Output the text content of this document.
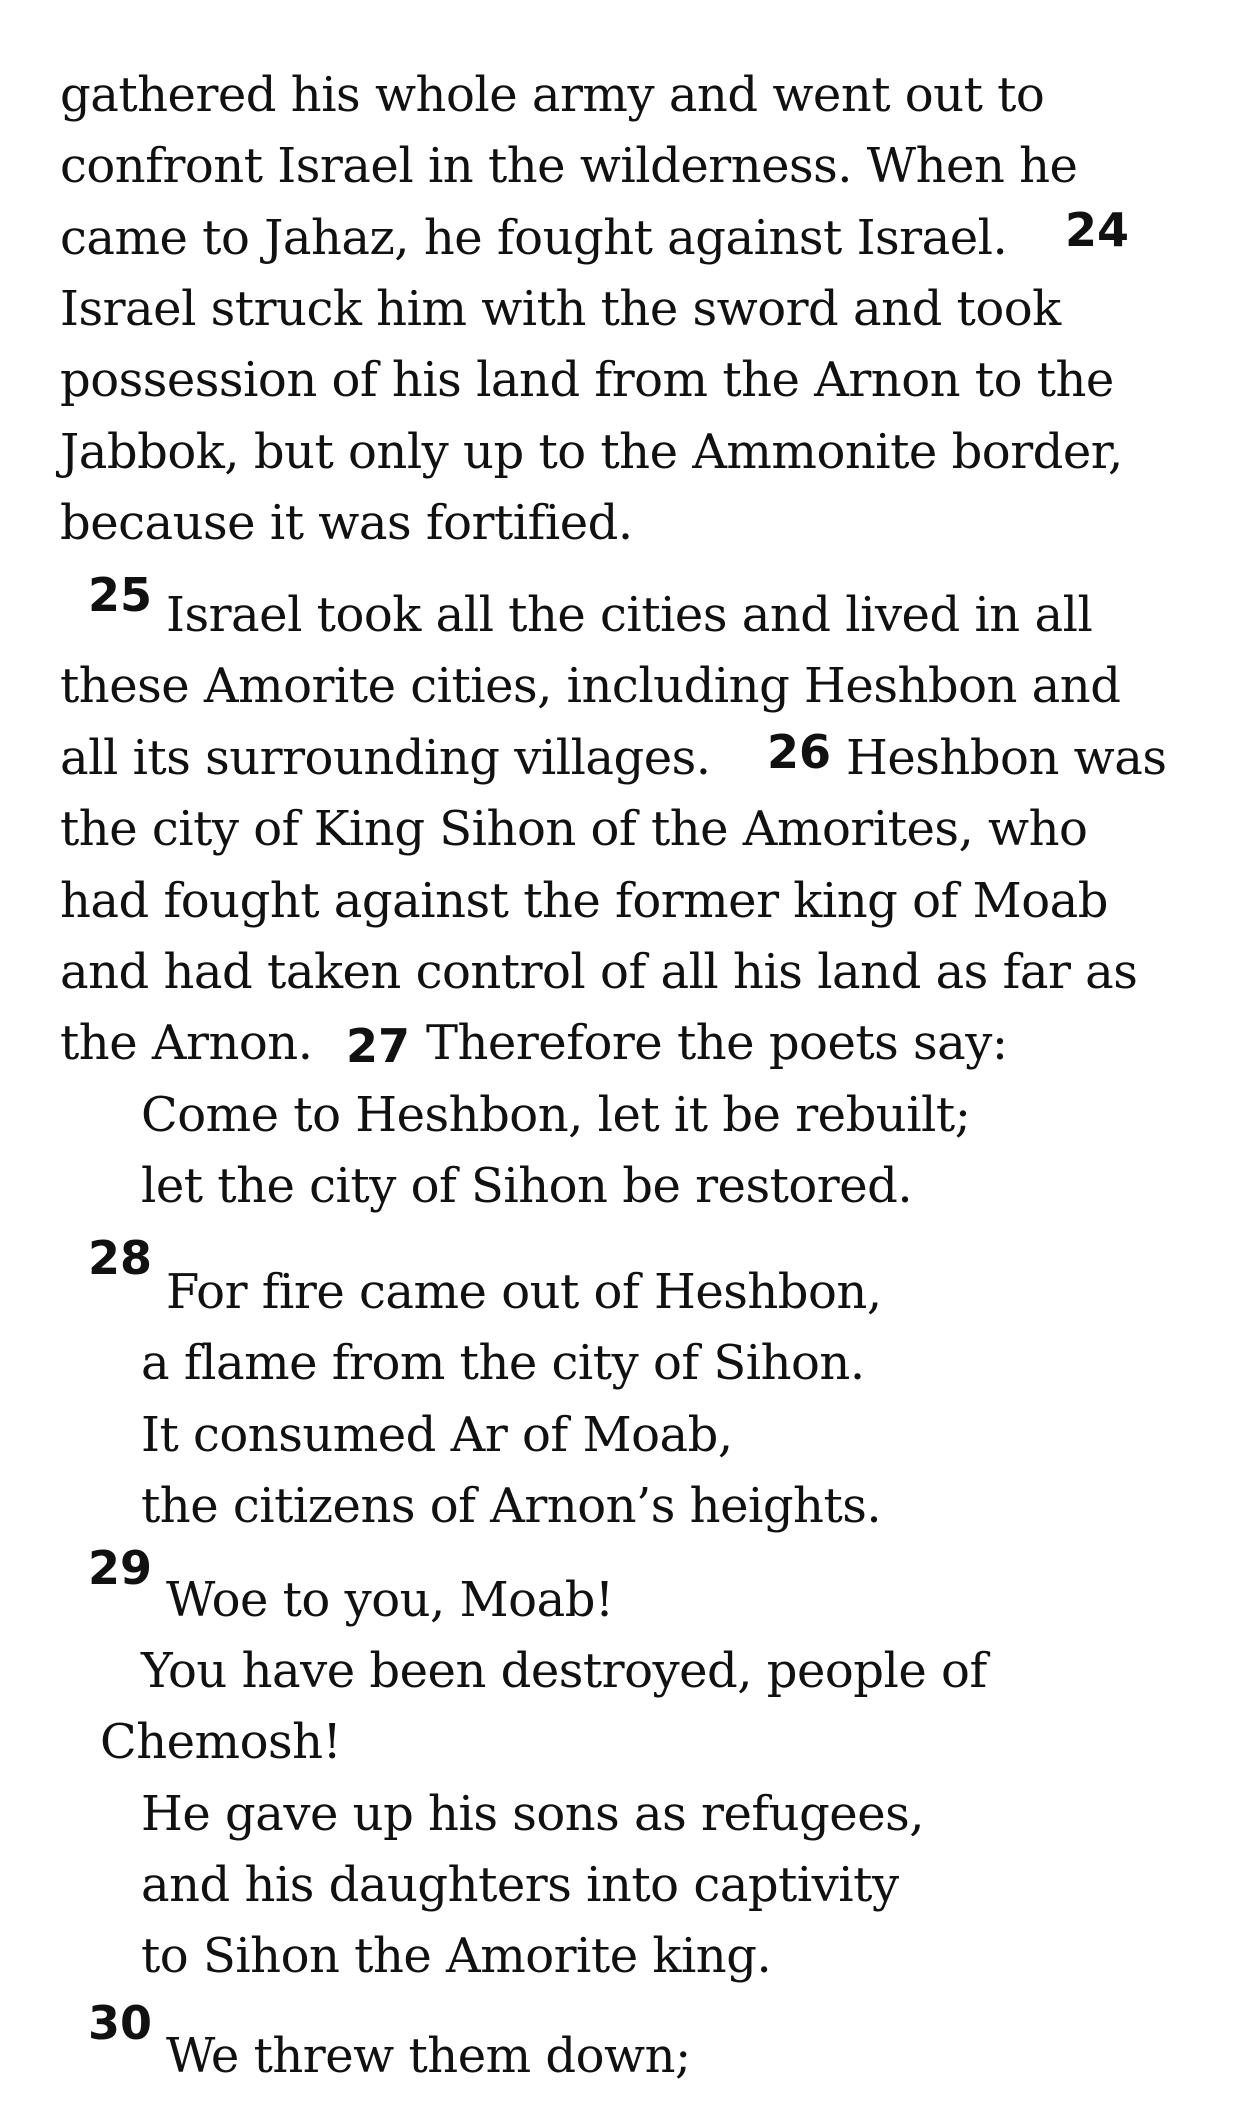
gathered his whole army and went out to
confront Israel in the wilderness. When he
came to Jahaz, he fought against Israel. 24
Israel struck him with the sword and took
possession of his land from the Arnon to the
Jabbok, but only up to the Ammonite border,
because it was fortified.
25 Israel took all the cities and lived in all
these Amorite cities, including Heshbon and
all its surrounding villages. 26 Heshbon was
the city of King Sihon of the Amorites, who
had fought against the former king of Moab
and had taken control of all his land as far as
the Arnon. 27 Therefore the poets say:
Come to Heshbon, let it be rebuilt;
let the city of Sihon be restored.
28
For fire came out of Heshbon,
a flame from the city of Sihon.
It consumed Ar of Moab,
the citizens of Arnon’s heights.
29
Woe to you, Moab!
You have been destroyed, people of
Chemosh!
He gave up his sons as refugees,
and his daughters into captivity
to Sihon the Amorite king.
30
We threw them down;
